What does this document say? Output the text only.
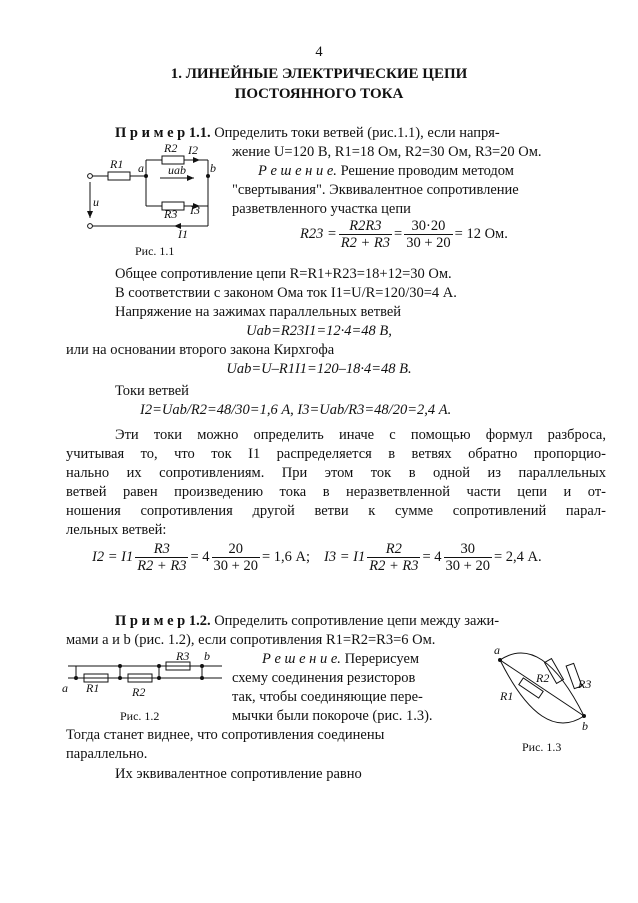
4
1. ЛИНЕЙНЫЕ ЭЛЕКТРИЧЕСКИЕ ЦЕПИ
ПОСТОЯННОГО ТОКА
П р и м е р 1.1. Определить токи ветвей (рис.1.1), если напря-
жение U=120 В, R1=18 Ом, R2=30 Ом, R3=20 Ом.
Р е ш е н и е. Решение проводим методом
"свертывания". Эквивалентное сопротивление
разветвленного участка цепи
R1
R2 I2
R3 I3
I1
a	b
u
uab
Рис. 1.1
$R23 = \frac{R2R3}{R2 + R3} = \frac{30\cdot 20}{30 + 20} = 12$ Ом.
Общее сопротивление цепи R=R1+R23=18+12=30 Ом.
В соответствии с законом Ома ток I1=U/R=120/30=4 А.
Напряжение на зажимах параллельных ветвей
Uab=R23I1=12·4=48 В,
или на основании второго закона Кирхгофа
Uab=U–R1I1=120–18·4=48 В.
Токи ветвей
I2=Uab/R2=48/30=1,6 А, I3=Uab/R3=48/20=2,4 А.
Эти токи можно определить иначе с помощью формул разброса,
учитывая то, что ток I1 распределяется в ветвях обратно пропорцио-
нально их сопротивлениям. При этом ток в одной из параллельных
ветвей равен произведению тока в неразветвленной части цепи и от-
ношения сопротивления другой ветви к сумме сопротивлений парал-
лельных ветвей:
$I2 = I1 \frac{R3}{R2 + R3} = 4 \frac{20}{30 + 20} = 1,6$ А; $I3 = I1 \frac{R2}{R2 + R3} = 4 \frac{30}{30 + 20} = 2,4$ А.
П р и м е р 1.2. Определить сопротивление цепи между зажи-
мами a и b (рис. 1.2), если сопротивления R1=R2=R3=6 Ом.
Р е ш е н и е. Перерисуем
схему соединения резисторов
так, чтобы соединяющие пере-
мычки были покороче (рис. 1.3).
Тогда станет виднее, что сопротивления соединены
параллельно.
Их эквивалентное сопротивление равно
a R1	R2
R3 b
Рис. 1.2
a
b
R1
R2 R3
Рис. 1.3
